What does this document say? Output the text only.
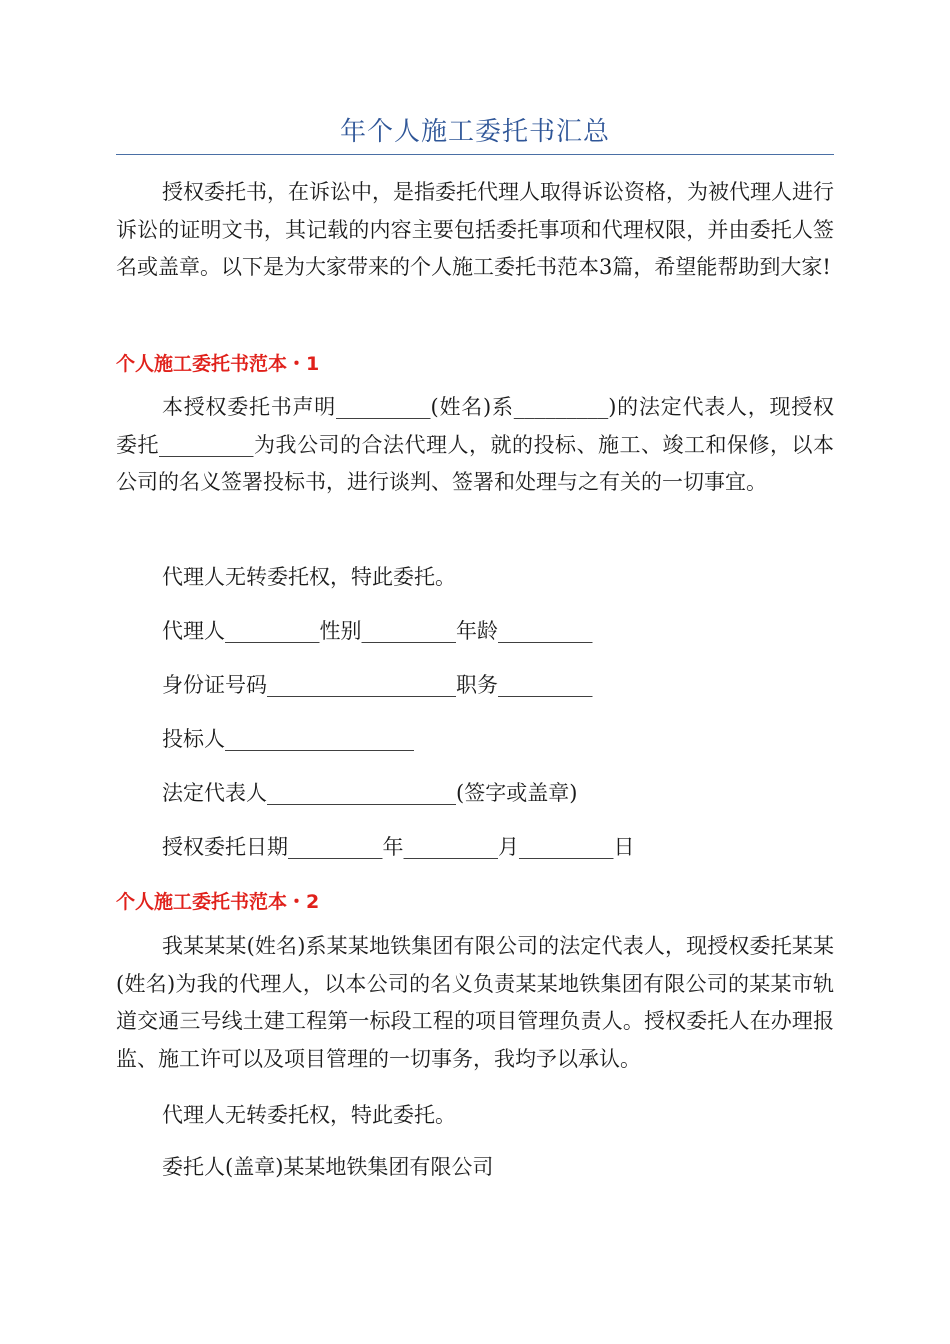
年个人施工委托书汇总

授权委托书，在诉讼中，是指委托代理人取得诉讼资格，为被代理人进行诉讼的证明文书，其记载的内容主要包括委托事项和代理权限，并由委托人签名或盖章。以下是为大家带来的个人施工委托书范本3篇，希望能帮助到大家!

个人施工委托书范本・1

本授权委托书声明_________(姓名)系_________)的法定代表人，现授权委托_________为我公司的合法代理人，就的投标、施工、竣工和保修，以本公司的名义签署投标书，进行谈判、签署和处理与之有关的一切事宜。

代理人无转委托权，特此委托。
代理人_________性别_________年龄_________
身份证号码__________________职务_________
投标人__________________
法定代表人__________________(签字或盖章)
授权委托日期_________年_________月_________日
个人施工委托书范本・2

我某某某(姓名)系某某地铁集团有限公司的法定代表人，现授权委托某某(姓名)为我的代理人，以本公司的名义负责某某地铁集团有限公司的某某市轨道交通三号线土建工程第一标段工程的项目管理负责人。授权委托人在办理报监、施工许可以及项目管理的一切事务，我均予以承认。

代理人无转委托权，特此委托。
委托人(盖章)某某地铁集团有限公司
